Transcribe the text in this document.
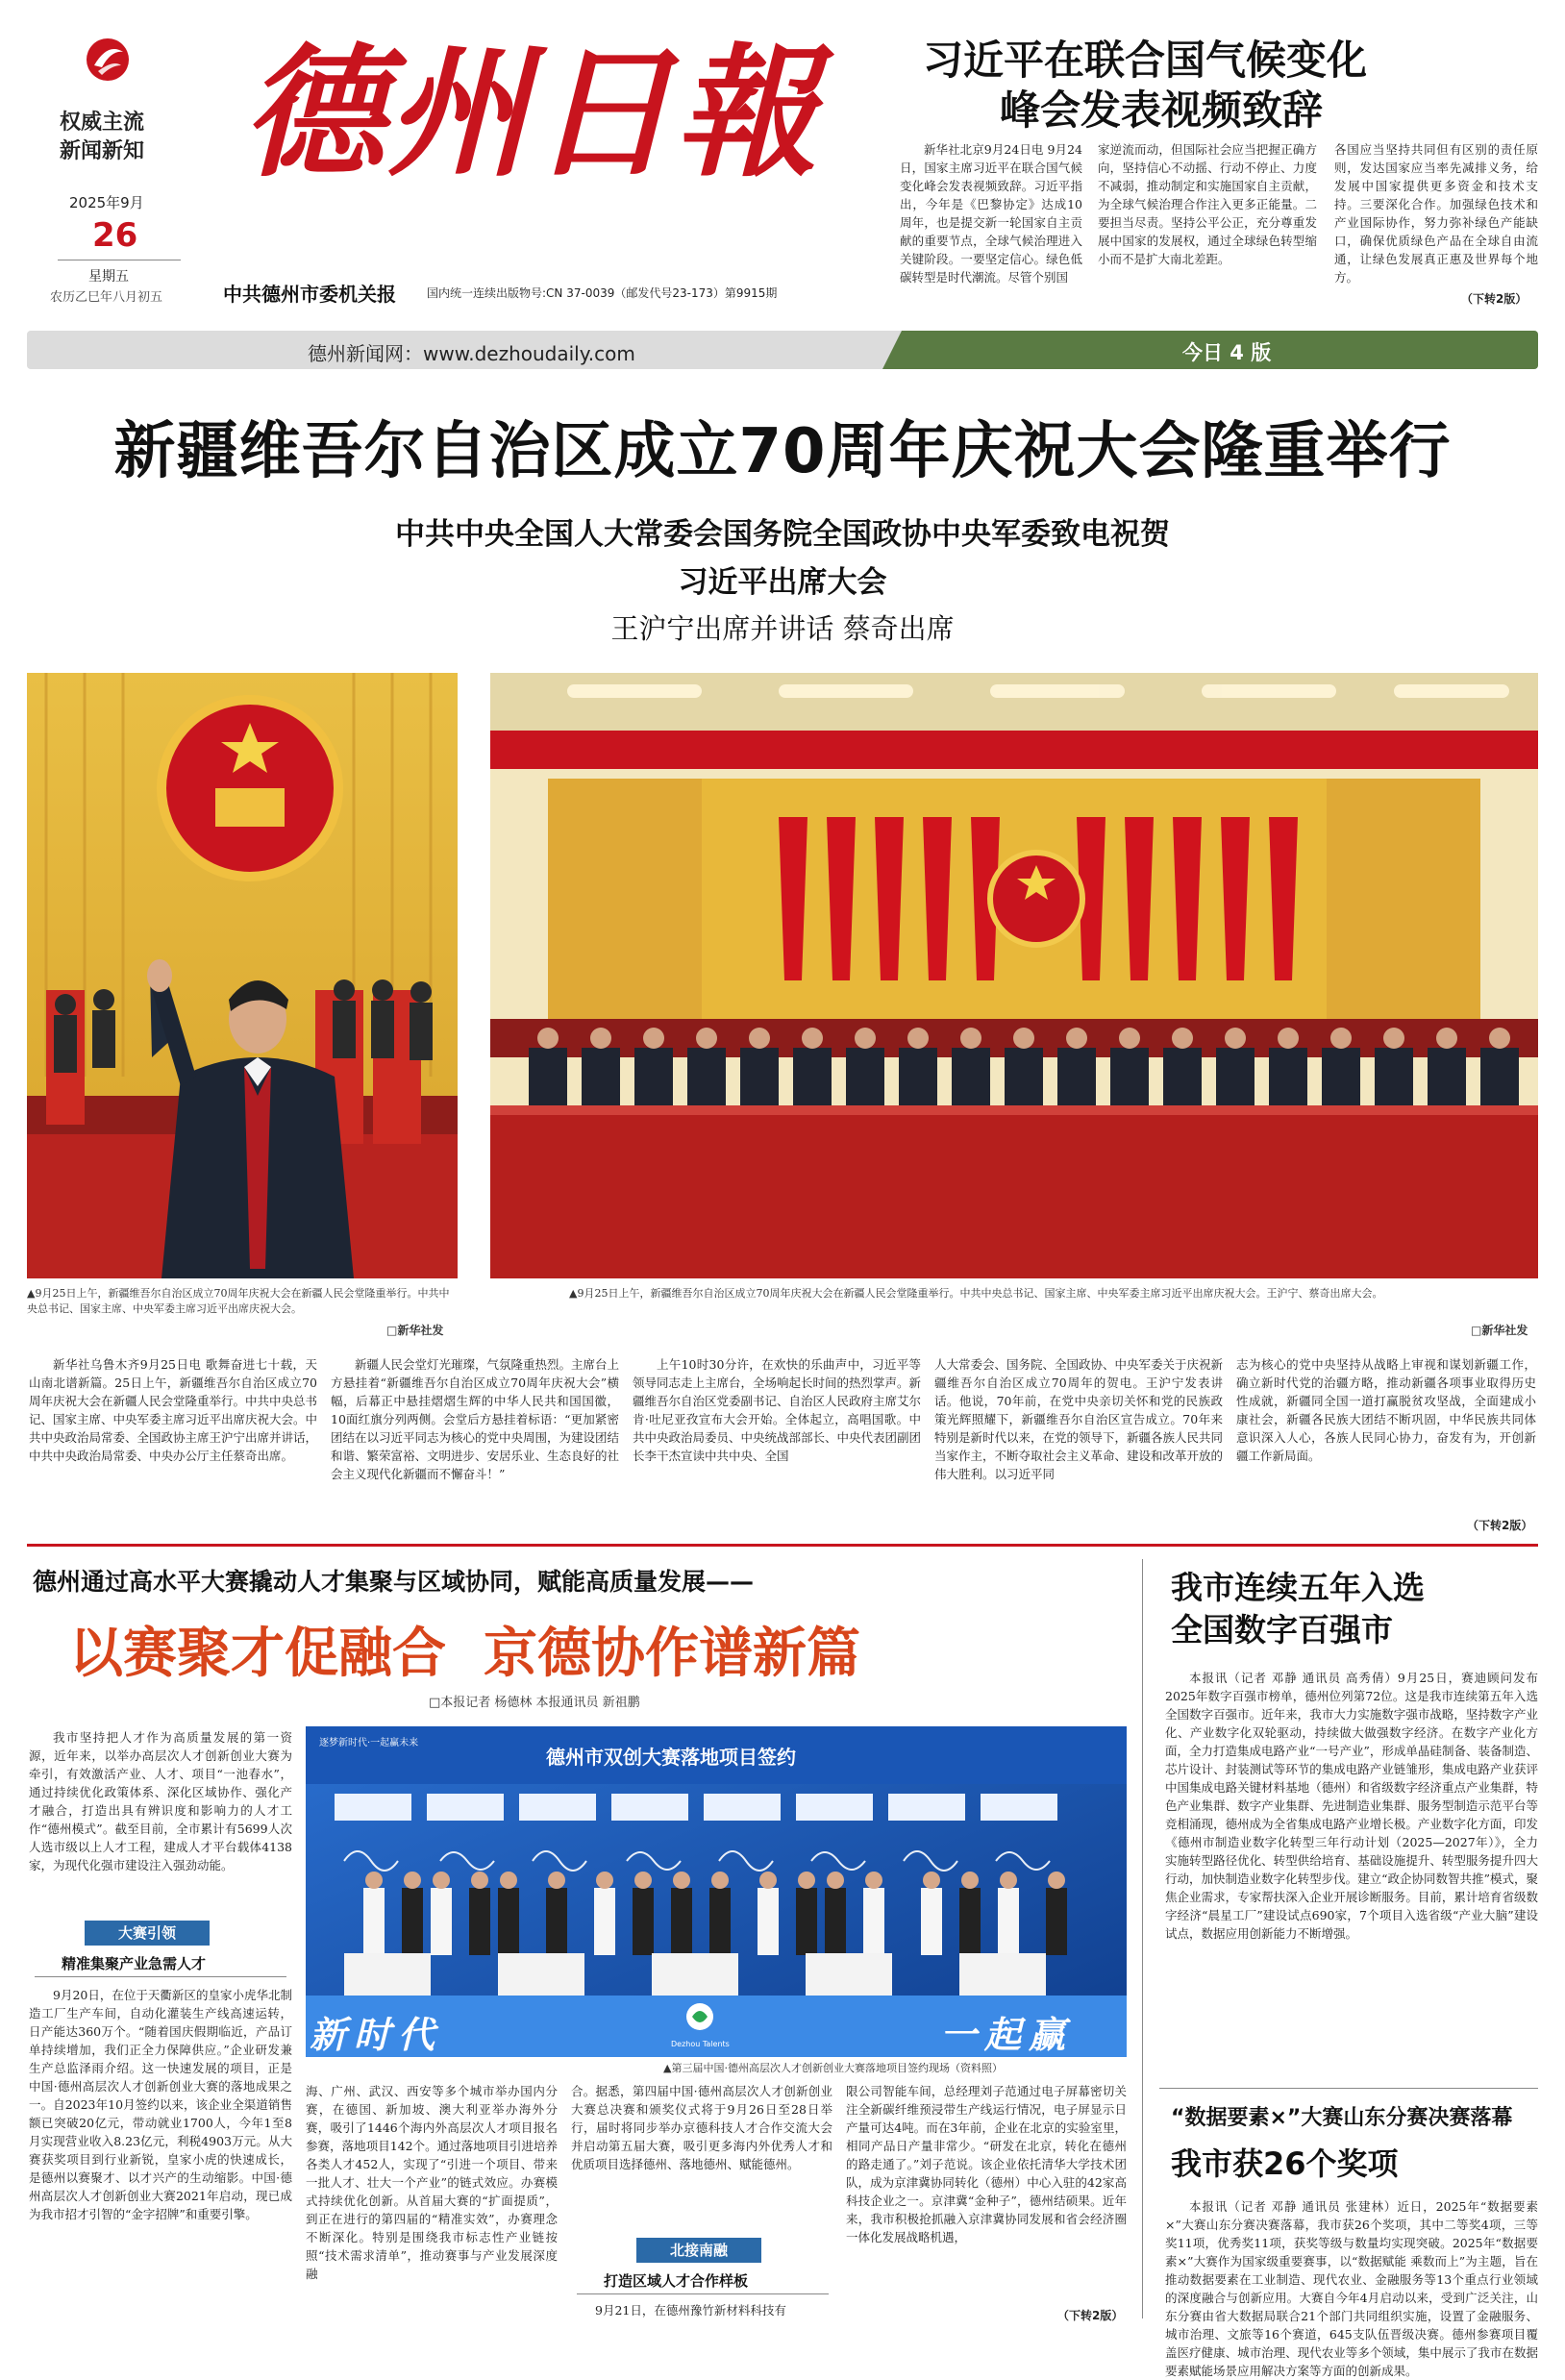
权威主流
新闻新知
2025年9月
26
星期五
农历乙巳年八月初五
德州日報
中共德州市委机关报	国内统一连续出版物号:CN 37-0039（邮发代号23-173）第9915期
习近平在联合国气候变化
峰会发表视频致辞

新华社北京9月24日电 9月24日，国家主席习近平在联合国气候变化峰会发表视频致辞。习近平指出，今年是《巴黎协定》达成10周年，也是提交新一轮国家自主贡献的重要节点，全球气候治理进入关键阶段。一要坚定信心。绿色低碳转型是时代潮流。尽管个别国

家逆流而动，但国际社会应当把握正确方向，坚持信心不动摇、行动不停止、力度不减弱，推动制定和实施国家自主贡献，为全球气候治理合作注入更多正能量。二要担当尽责。坚持公平公正，充分尊重发展中国家的发展权，通过全球绿色转型缩小而不是扩大南北差距。

各国应当坚持共同但有区别的责任原则，发达国家应当率先减排义务，给发展中国家提供更多资金和技术支持。三要深化合作。加强绿色技术和产业国际协作，努力弥补绿色产能缺口，确保优质绿色产品在全球自由流通，让绿色发展真正惠及世界每个地方。

（下转2版）
德州新闻网：www.dezhoudaily.com	今日 4 版
新疆维吾尔自治区成立70周年庆祝大会隆重举行
中共中央全国人大常委会国务院全国政协中央军委致电祝贺
习近平出席大会
王沪宁出席并讲话 蔡奇出席
▲9月25日上午，新疆维吾尔自治区成立70周年庆祝大会在新疆人民会堂隆重举行。中共中央总书记、国家主席、中央军委主席习近平出席庆祝大会。
□新华社发
▲9月25日上午，新疆维吾尔自治区成立70周年庆祝大会在新疆人民会堂隆重举行。中共中央总书记、国家主席、中央军委主席习近平出席庆祝大会。王沪宁、蔡奇出席大会。
□新华社发

新华社乌鲁木齐9月25日电 歌舞奋进七十载，天山南北谱新篇。25日上午，新疆维吾尔自治区成立70周年庆祝大会在新疆人民会堂隆重举行。中共中央总书记、国家主席、中央军委主席习近平出席庆祝大会。中共中央政治局常委、全国政协主席王沪宁出席并讲话，中共中央政治局常委、中央办公厅主任蔡奇出席。

新疆人民会堂灯光璀璨，气氛隆重热烈。主席台上方悬挂着“新疆维吾尔自治区成立70周年庆祝大会”横幅，后幕正中悬挂熠熠生辉的中华人民共和国国徽，10面红旗分列两侧。会堂后方悬挂着标语：“更加紧密团结在以习近平同志为核心的党中央周围，为建设团结和谐、繁荣富裕、文明进步、安居乐业、生态良好的社会主义现代化新疆而不懈奋斗！”

上午10时30分许，在欢快的乐曲声中，习近平等领导同志走上主席台，全场响起长时间的热烈掌声。新疆维吾尔自治区党委副书记、自治区人民政府主席艾尔肯·吐尼亚孜宣布大会开始。全体起立，高唱国歌。中共中央政治局委员、中央统战部部长、中央代表团副团长李干杰宣读中共中央、全国

人大常委会、国务院、全国政协、中央军委关于庆祝新疆维吾尔自治区成立70周年的贺电。王沪宁发表讲话。他说，70年前，在党中央亲切关怀和党的民族政策光辉照耀下，新疆维吾尔自治区宣告成立。70年来特别是新时代以来，在党的领导下，新疆各族人民共同当家作主，不断夺取社会主义革命、建设和改革开放的伟大胜利。以习近平同

志为核心的党中央坚持从战略上审视和谋划新疆工作，确立新时代党的治疆方略，推动新疆各项事业取得历史性成就，新疆同全国一道打赢脱贫攻坚战，全面建成小康社会，新疆各民族大团结不断巩固，中华民族共同体意识深入人心，各族人民同心协力，奋发有为，开创新疆工作新局面。

（下转2版）
德州通过高水平大赛撬动人才集聚与区域协同，赋能高质量发展——
以赛聚才促融合  京德协作谱新篇
□本报记者 杨德林 本报通讯员 新祖鹏
德州市双创大赛落地项目签约
逐梦新时代·一起赢未来
新时代	一起赢
Dezhou Talents
▲第三届中国·德州高层次人才创新创业大赛落地项目签约现场（资料照）

我市坚持把人才作为高质量发展的第一资源，近年来，以举办高层次人才创新创业大赛为牵引，有效激活产业、人才、项目“一池春水”，通过持续优化政策体系、深化区域协作、强化产才融合，打造出具有辨识度和影响力的人才工作“德州模式”。截至目前，全市累计有5699人次人选市级以上人才工程，建成人才平台载体4138家，为现代化强市建设注入强劲动能。

大赛引领
精准集聚产业急需人才

9月20日，在位于天衢新区的皇家小虎华北制造工厂生产车间，自动化灌装生产线高速运转，日产能达360万个。“随着国庆假期临近，产品订单持续增加，我们正全力保障供应。”企业研发兼生产总监泽雨介绍。这一快速发展的项目，正是中国·德州高层次人才创新创业大赛的落地成果之一。自2023年10月签约以来，该企业全渠道销售额已突破20亿元，带动就业1700人，今年1至8月实现营业收入8.23亿元，利税4903万元。从大赛获奖项目到行业新锐，皇家小虎的快速成长，是德州以赛聚才、以才兴产的生动缩影。中国·德州高层次人才创新创业大赛2021年启动，现已成为我市招才引智的“金字招牌”和重要引擎。

海、广州、武汉、西安等多个城市举办国内分赛，在德国、新加坡、澳大利亚举办海外分赛，吸引了1446个海内外高层次人才项目报名参赛，落地项目142个。通过落地项目引进培养各类人才452人，实现了“引进一个项目、带来一批人才、壮大一个产业”的链式效应。办赛模式持续优化创新。从首届大赛的“扩面提质”，到正在进行的第四届的“精准实效”，办赛理念不断深化。特别是围绕我市标志性产业链按照“技术需求清单”，推动赛事与产业发展深度融

合。据悉，第四届中国·德州高层次人才创新创业大赛总决赛和颁奖仪式将于9月26日至28日举行，届时将同步举办京德科技人才合作交流大会并启动第五届大赛，吸引更多海内外优秀人才和优质项目选择德州、落地德州、赋能德州。

北接南融
打造区域人才合作样板

9月21日，在德州豫竹新材料科技有

限公司智能车间，总经理刘子范通过电子屏幕密切关注全新碳纤维预浸带生产线运行情况，电子屏显示日产量可达4吨。而在3年前，企业在北京的实验室里，相同产品日产量非常少。“研发在北京，转化在德州的路走通了。”刘子范说。该企业依托清华大学技术团队，成为京津冀协同转化（德州）中心入驻的42家高科技企业之一。京津冀“金种子”，德州结硕果。近年来，我市积极抢抓融入京津冀协同发展和省会经济圈一体化发展战略机遇，

（下转2版）
我市连续五年入选
全国数字百强市

本报讯（记者 邓静 通讯员 高秀倩）9月25日，赛迪顾问发布2025年数字百强市榜单，德州位列第72位。这是我市连续第五年入选全国数字百强市。近年来，我市大力实施数字强市战略，坚持数字产业化、产业数字化双轮驱动，持续做大做强数字经济。在数字产业化方面，全力打造集成电路产业“一号产业”，形成单晶硅制备、装备制造、芯片设计、封装测试等环节的集成电路产业链雏形，集成电路产业获评中国集成电路关键材料基地（德州）和省级数字经济重点产业集群，特色产业集群、数字产业集群、先进制造业集群、服务型制造示范平台等竞相涌现，德州成为全省集成电路产业增长极。产业数字化方面，印发《德州市制造业数字化转型三年行动计划（2025—2027年）》，全力实施转型路径优化、转型供给培育、基础设施提升、转型服务提升四大行动，加快制造业数字化转型步伐。建立“政企协同数智共推”模式，聚焦企业需求，专家帮扶深入企业开展诊断服务。目前，累计培育省级数字经济“晨星工厂”建设试点690家，7个项目入选省级“产业大脑”建设试点，数据应用创新能力不断增强。

“数据要素×”大赛山东分赛决赛落幕
我市获26个奖项

本报讯（记者 邓静 通讯员 张建林）近日，2025年“数据要素×”大赛山东分赛决赛落幕，我市获26个奖项，其中二等奖4项，三等奖11项，优秀奖11项，获奖等级与数量均实现突破。2025年“数据要素×”大赛作为国家级重要赛事，以“数据赋能 乘数而上”为主题，旨在推动数据要素在工业制造、现代农业、金融服务等13个重点行业领域的深度融合与创新应用。大赛自今年4月启动以来，受到广泛关注，山东分赛由省大数据局联合21个部门共同组织实施，设置了金融服务、城市治理、文旅等16个赛道，645支队伍晋级决赛。德州参赛项目覆盖医疗健康、城市治理、现代农业等多个领域，集中展示了我市在数据要素赋能场景应用解决方案等方面的创新成果。
